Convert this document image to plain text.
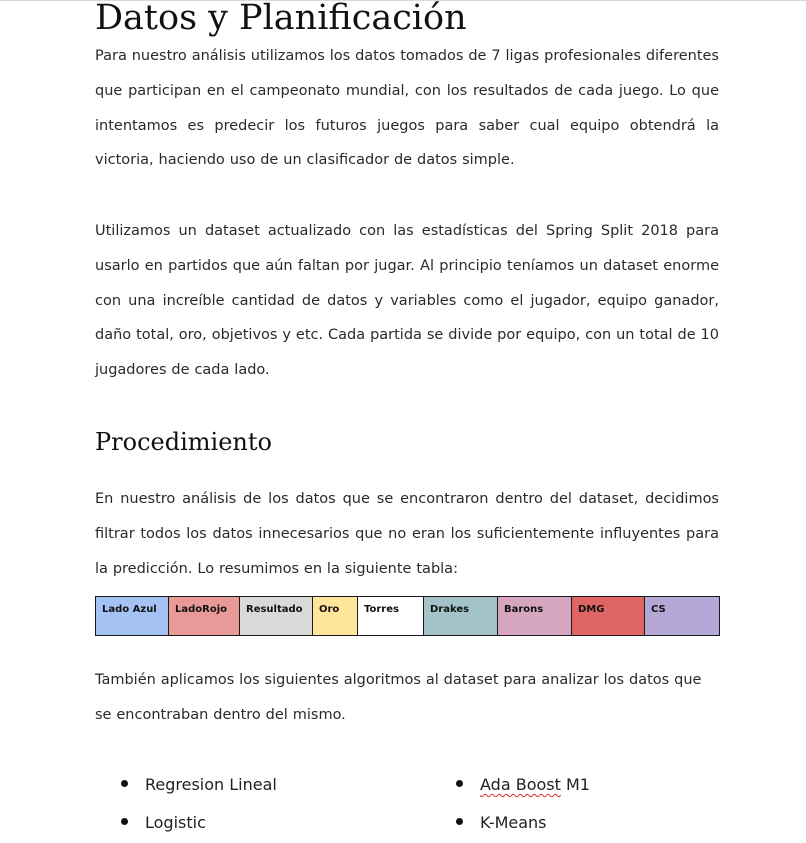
Datos y Planificación

Para nuestro análisis utilizamos los datos tomados de 7 ligas profesionales diferentes que participan en el campeonato mundial, con los resultados de cada juego. Lo que intentamos es predecir los futuros juegos para saber cual equipo obtendrá la victoria, haciendo uso de un clasificador de datos simple.

Utilizamos un dataset actualizado con las estadísticas del Spring Split 2018 para usarlo en partidos que aún faltan por jugar. Al principio teníamos un dataset enorme con una increíble cantidad de datos y variables como el jugador, equipo ganador, daño total, oro, objetivos y etc. Cada partida se divide por equipo, con un total de 10 jugadores de cada lado.

Procedimiento

En nuestro análisis de los datos que se encontraron dentro del dataset, decidimos filtrar todos los datos innecesarios que no eran los suficientemente influyentes para la predicción. Lo resumimos en la siguiente tabla:

Lado Azul	LadoRojo	Resultado	Oro	Torres	Drakes	Barons	DMG	CS

También aplicamos los siguientes algoritmos al dataset para analizar los datos que se encontraban dentro del mismo.

Regresion Lineal
Logistic
Ada Boost M1
K-Means
